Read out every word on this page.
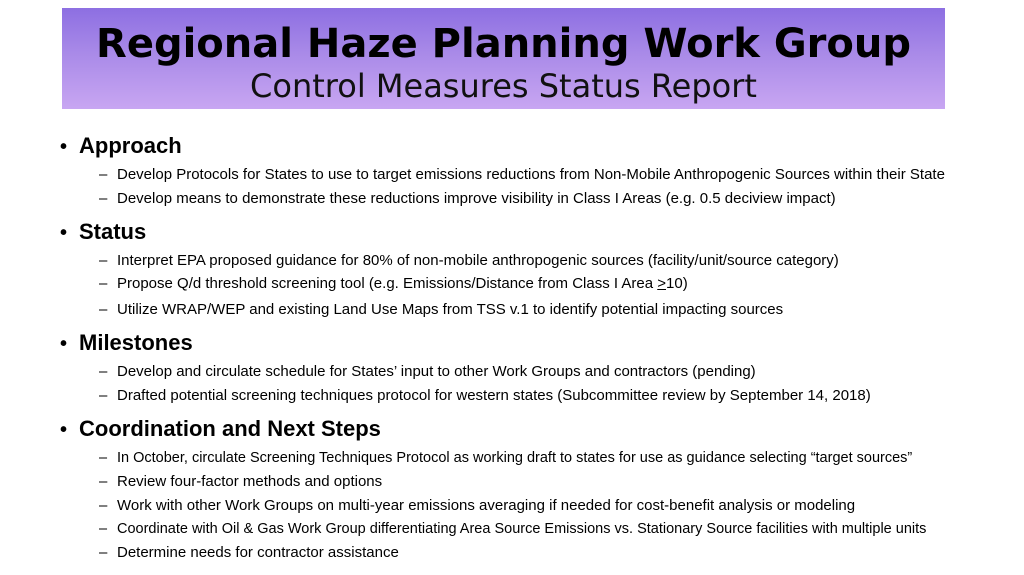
Regional Haze Planning Work Group
Control Measures Status Report
• Approach
– Develop Protocols for States to use to target emissions reductions from Non-Mobile Anthropogenic Sources within their State
– Develop means to demonstrate these reductions improve visibility in Class I Areas (e.g. 0.5 deciview impact)
• Status
– Interpret EPA proposed guidance for 80% of non-mobile anthropogenic sources (facility/unit/source category)
– Propose Q/d threshold screening tool (e.g. Emissions/Distance from Class I Area ≥10)
– Utilize WRAP/WEP and existing Land Use Maps from TSS v.1 to identify potential impacting sources
• Milestones
– Develop and circulate schedule for States’ input to other Work Groups and contractors (pending)
– Drafted potential screening techniques protocol for western states (Subcommittee review by September 14, 2018)
• Coordination and Next Steps
– In October, circulate Screening Techniques Protocol as working draft to states for use as guidance selecting “target sources”
– Review four-factor methods and options
– Work with other Work Groups on multi-year emissions averaging if needed for cost-benefit analysis or modeling
– Coordinate with Oil & Gas Work Group differentiating Area Source Emissions vs. Stationary Source facilities with multiple units
– Determine needs for contractor assistance
